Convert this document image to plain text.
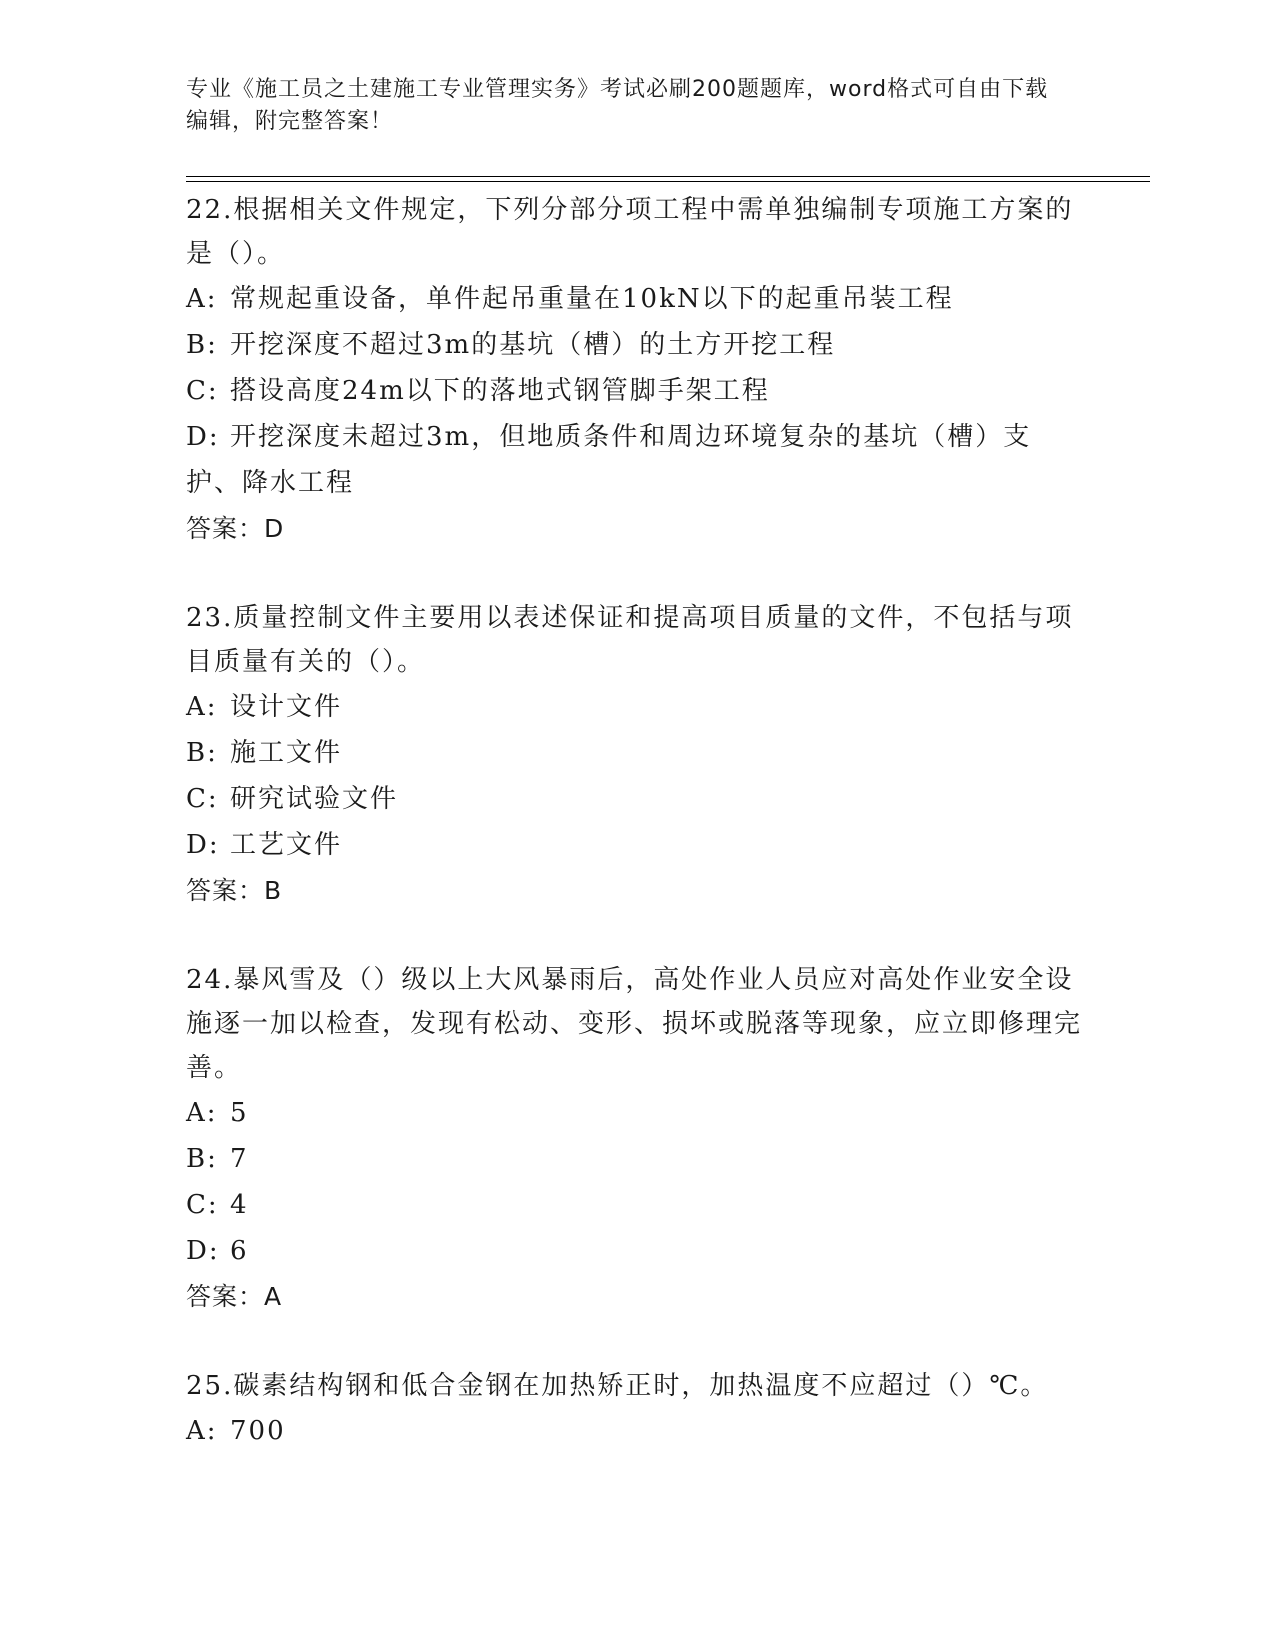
专业《施工员之土建施工专业管理实务》考试必刷200题题库，word格式可自由下载编辑，附完整答案！

22.根据相关文件规定，下列分部分项工程中需单独编制专项施工方案的是（）。

A: 常规起重设备，单件起吊重量在10kN以下的起重吊装工程

B: 开挖深度不超过3m的基坑（槽）的土方开挖工程

C: 搭设高度24m以下的落地式钢管脚手架工程

D: 开挖深度未超过3m，但地质条件和周边环境复杂的基坑（槽）支护、降水工程

答案：D

23.质量控制文件主要用以表述保证和提高项目质量的文件，不包括与项目质量有关的（）。

A: 设计文件

B: 施工文件

C: 研究试验文件

D: 工艺文件

答案：B

24.暴风雪及（）级以上大风暴雨后，高处作业人员应对高处作业安全设施逐一加以检查，发现有松动、变形、损坏或脱落等现象，应立即修理完善。

A: 5

B: 7

C: 4

D: 6

答案：A

25.碳素结构钢和低合金钢在加热矫正时，加热温度不应超过（）℃。

A: 700
